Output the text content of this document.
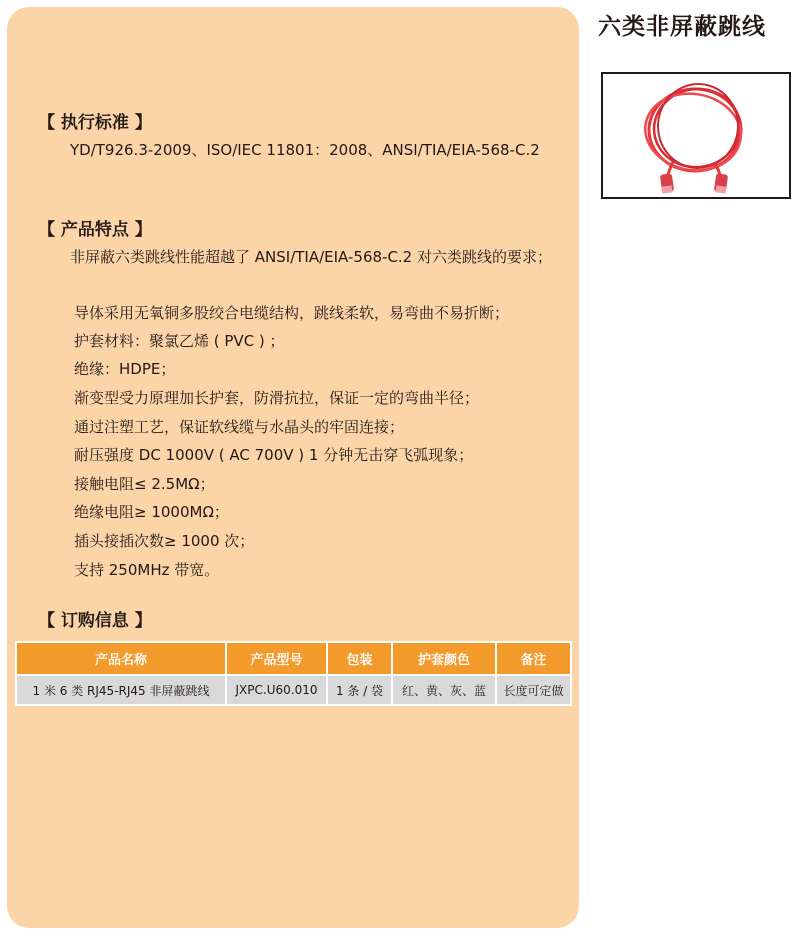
六类非屏蔽跳线
【 执行标准 】
YD/T926.3-2009、ISO/IEC 11801：2008、ANSI/TIA/EIA-568-C.2
【 产品特点 】
非屏蔽六类跳线性能超越了 ANSI/TIA/EIA-568-C.2 对六类跳线的要求；
导体采用无氧铜多股绞合电缆结构，跳线柔软，易弯曲不易折断；
护套材料：聚氯乙烯 ( PVC ) ；
绝缘：HDPE；
渐变型受力原理加长护套，防滑抗拉，保证一定的弯曲半径；
通过注塑工艺，保证软线缆与水晶头的牢固连接；
耐压强度 DC 1000V ( AC 700V ) 1 分钟无击穿飞弧现象；
接触电阻≤ 2.5MΩ；
绝缘电阻≥ 1000MΩ；
插头接插次数≥ 1000 次；
支持 250MHz 带宽。
【 订购信息 】
产品名称	产品型号	包装	护套颜色	备注
1 米 6 类 RJ45-RJ45 非屏蔽跳线	JXPC.U60.010	1 条 / 袋	红、黄、灰、蓝	长度可定做
